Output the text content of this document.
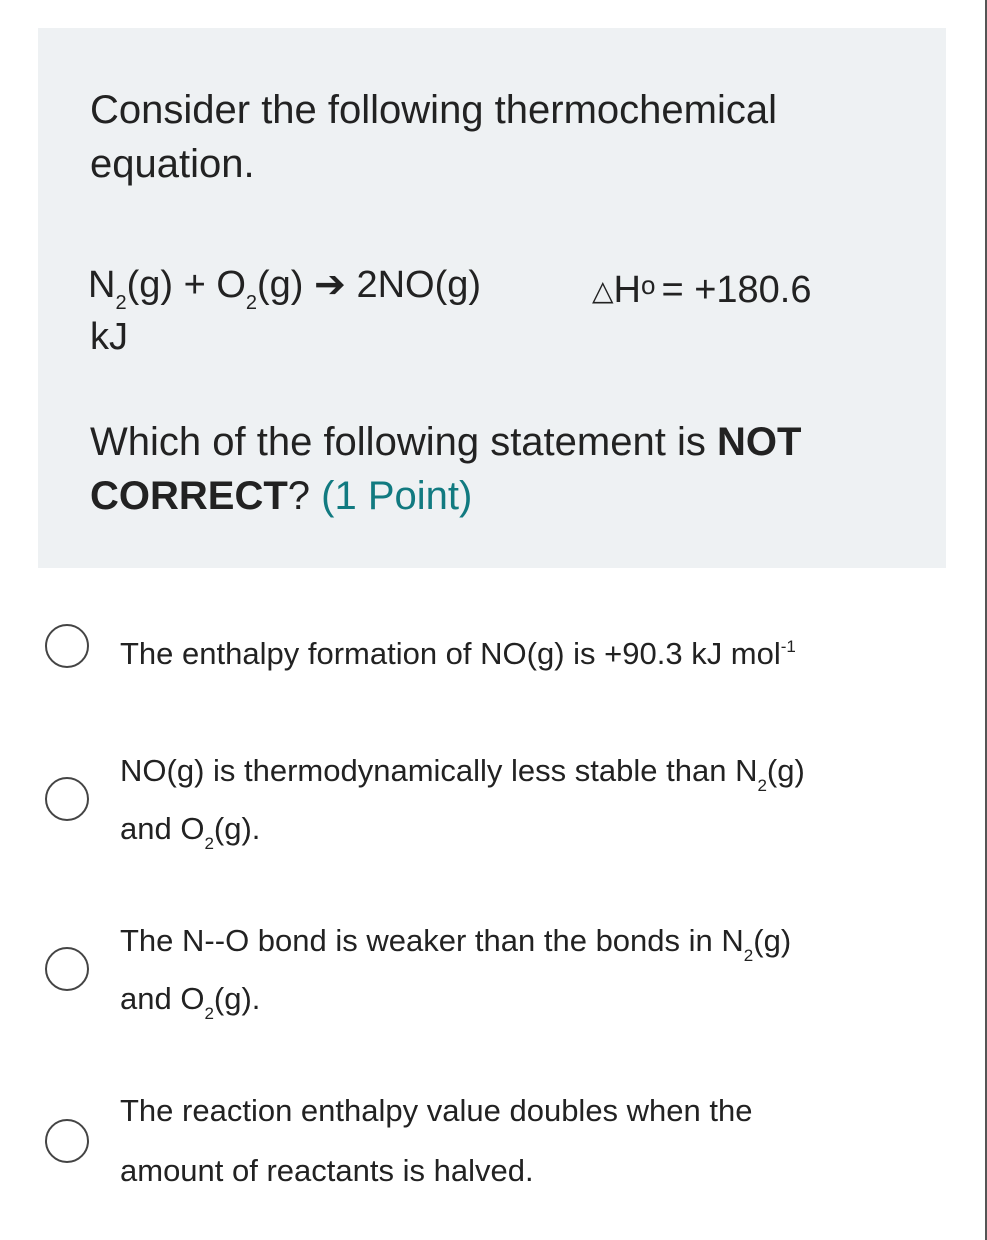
Consider the following thermochemical
equation.
$N_2(g) + O_2(g)$ ➔ 2NO(g)	$\triangle H^o = +180.6$
kJ
Which of the following statement is NOT
CORRECT? (1 Point)
The enthalpy formation of NO(g) is +90.3 kJ mol$^{-1}$
NO(g) is thermodynamically less stable than $N_2(g)$
and $O_2(g)$.
The N--O bond is weaker than the bonds in $N_2(g)$
and $O_2(g)$.
The reaction enthalpy value doubles when the
amount of reactants is halved.
